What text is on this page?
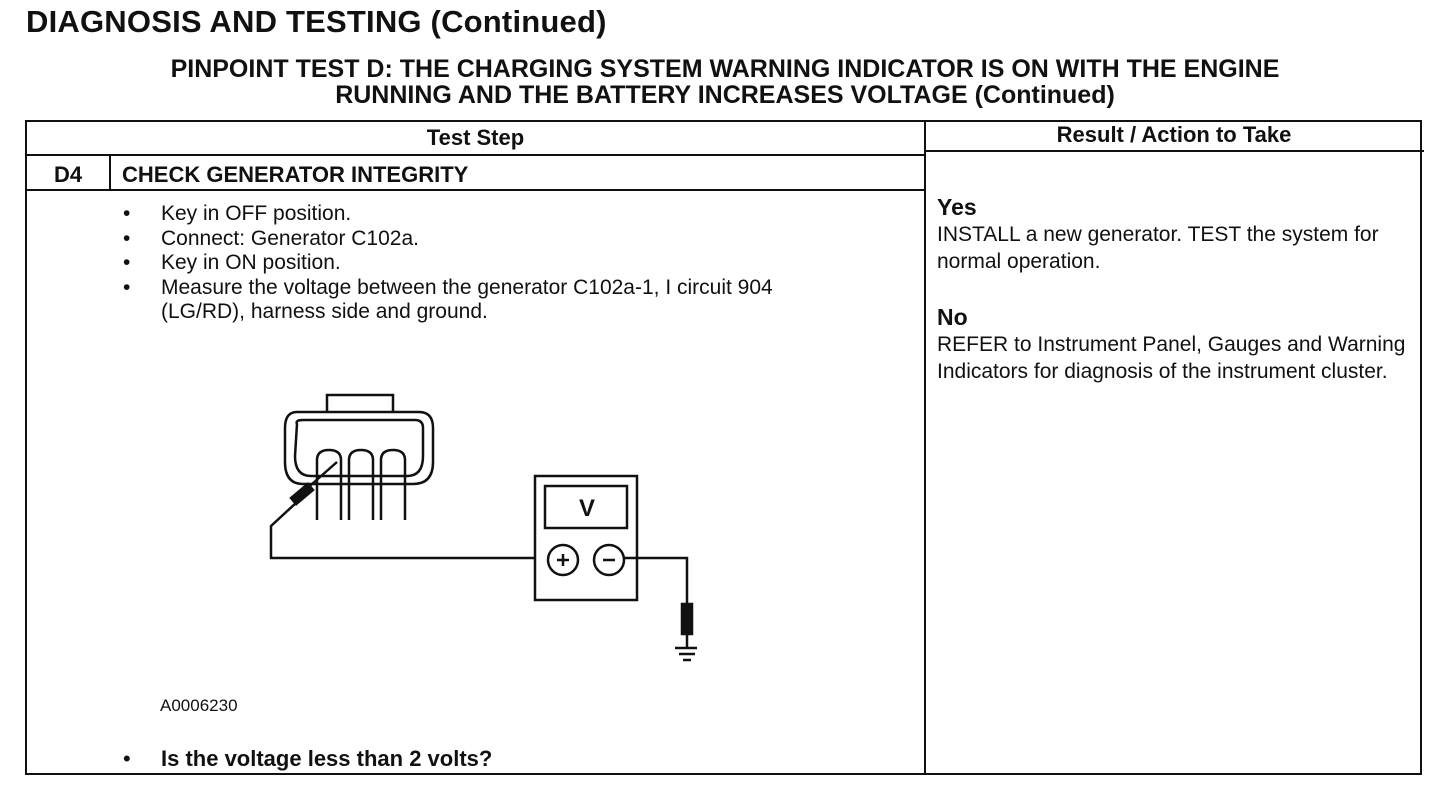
DIAGNOSIS AND TESTING (Continued)
PINPOINT TEST D: THE CHARGING SYSTEM WARNING INDICATOR IS ON WITH THE ENGINE
RUNNING AND THE BATTERY INCREASES VOLTAGE (Continued)
Test Step	Result / Action to Take
D4	CHECK GENERATOR INTEGRITY
• Key in OFF position.
• Connect: Generator C102a.
• Key in ON position.
• Measure the voltage between the generator C102a-1, I circuit 904 (LG/RD), harness side and ground.
V
A0006230
• Is the voltage less than 2 volts?
Yes
INSTALL a new generator. TEST the system for normal operation.
No
REFER to Instrument Panel, Gauges and Warning Indicators for diagnosis of the instrument cluster.
